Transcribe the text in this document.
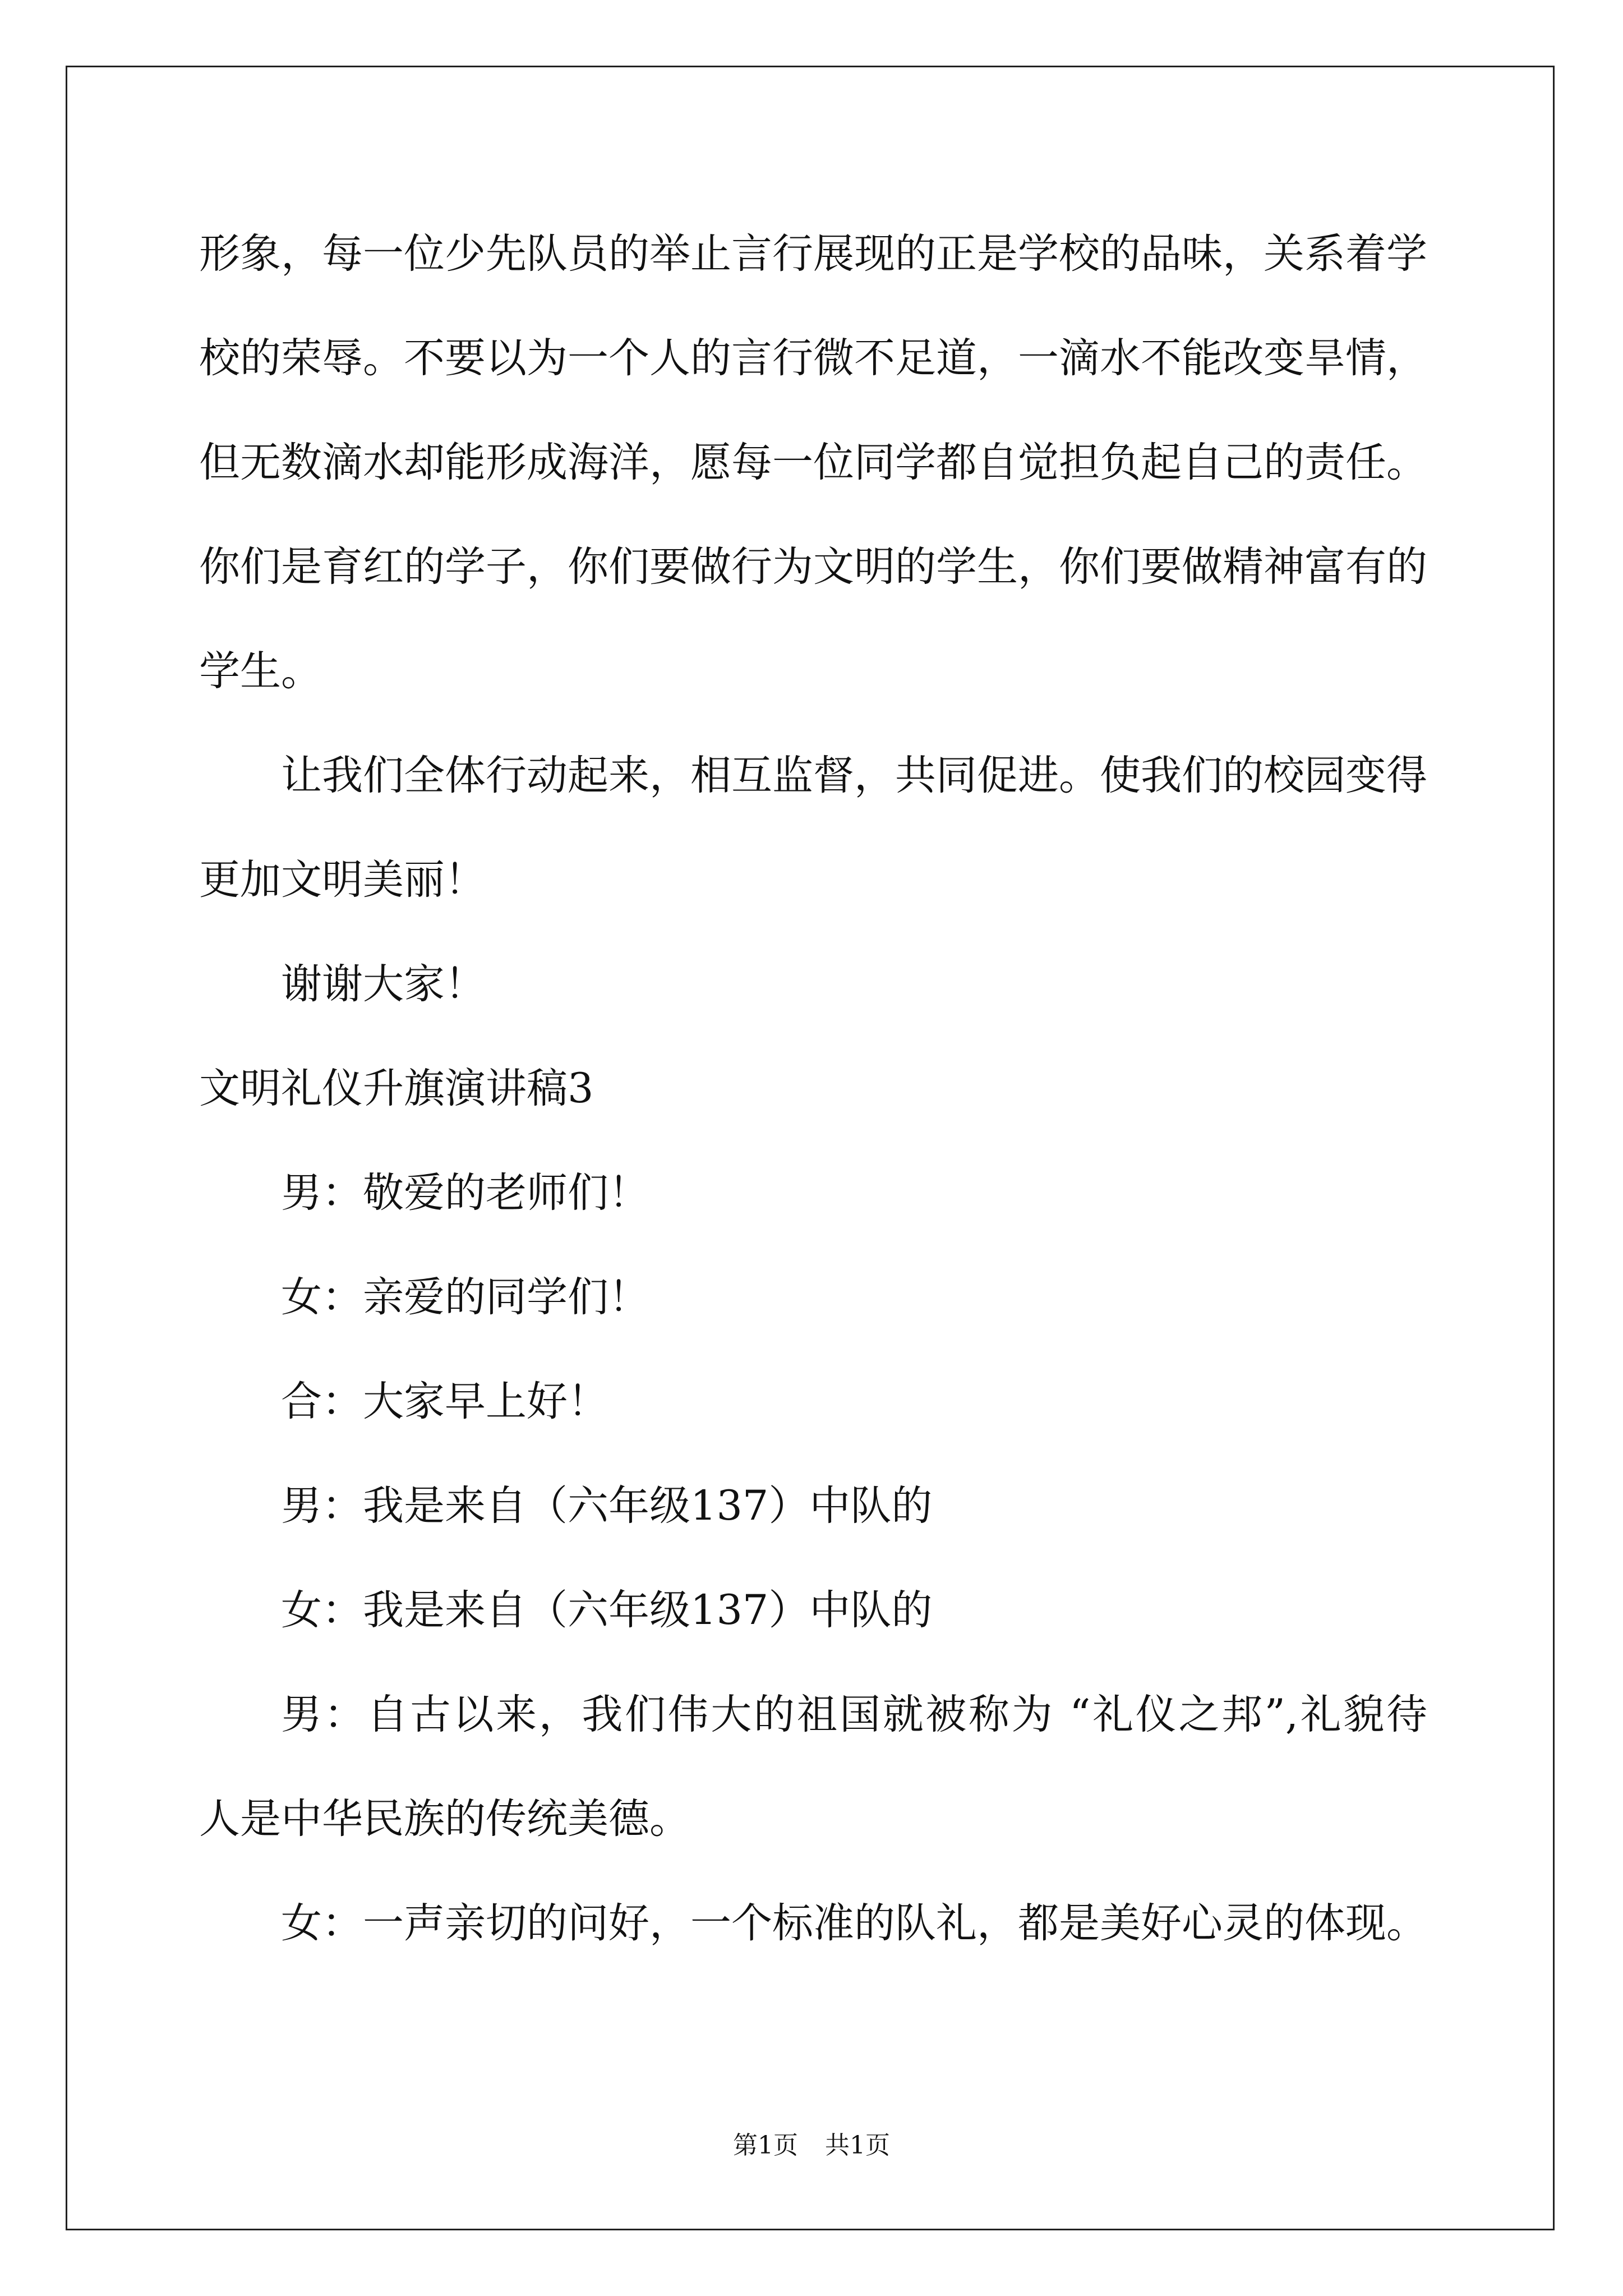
形象，每一位少先队员的举止言行展现的正是学校的品味，关系着学
校的荣辱。不要以为一个人的言行微不足道，一滴水不能改变旱情，
但无数滴水却能形成海洋，愿每一位同学都自觉担负起自己的责任。
你们是育红的学子，你们要做行为文明的学生，你们要做精神富有的
学生。
让我们全体行动起来，相互监督，共同促进。使我们的校园变得
更加文明美丽！
谢谢大家！
文明礼仪升旗演讲稿3
男：敬爱的老师们！
女：亲爱的同学们！
合：大家早上好！
男：我是来自（六年级137）中队的
女：我是来自（六年级137）中队的
男：自古以来，我们伟大的祖国就被称为 “礼仪之邦”,礼貌待
人是中华民族的传统美德。
女：一声亲切的问好，一个标准的队礼，都是美好心灵的体现。
第1页 共1页
